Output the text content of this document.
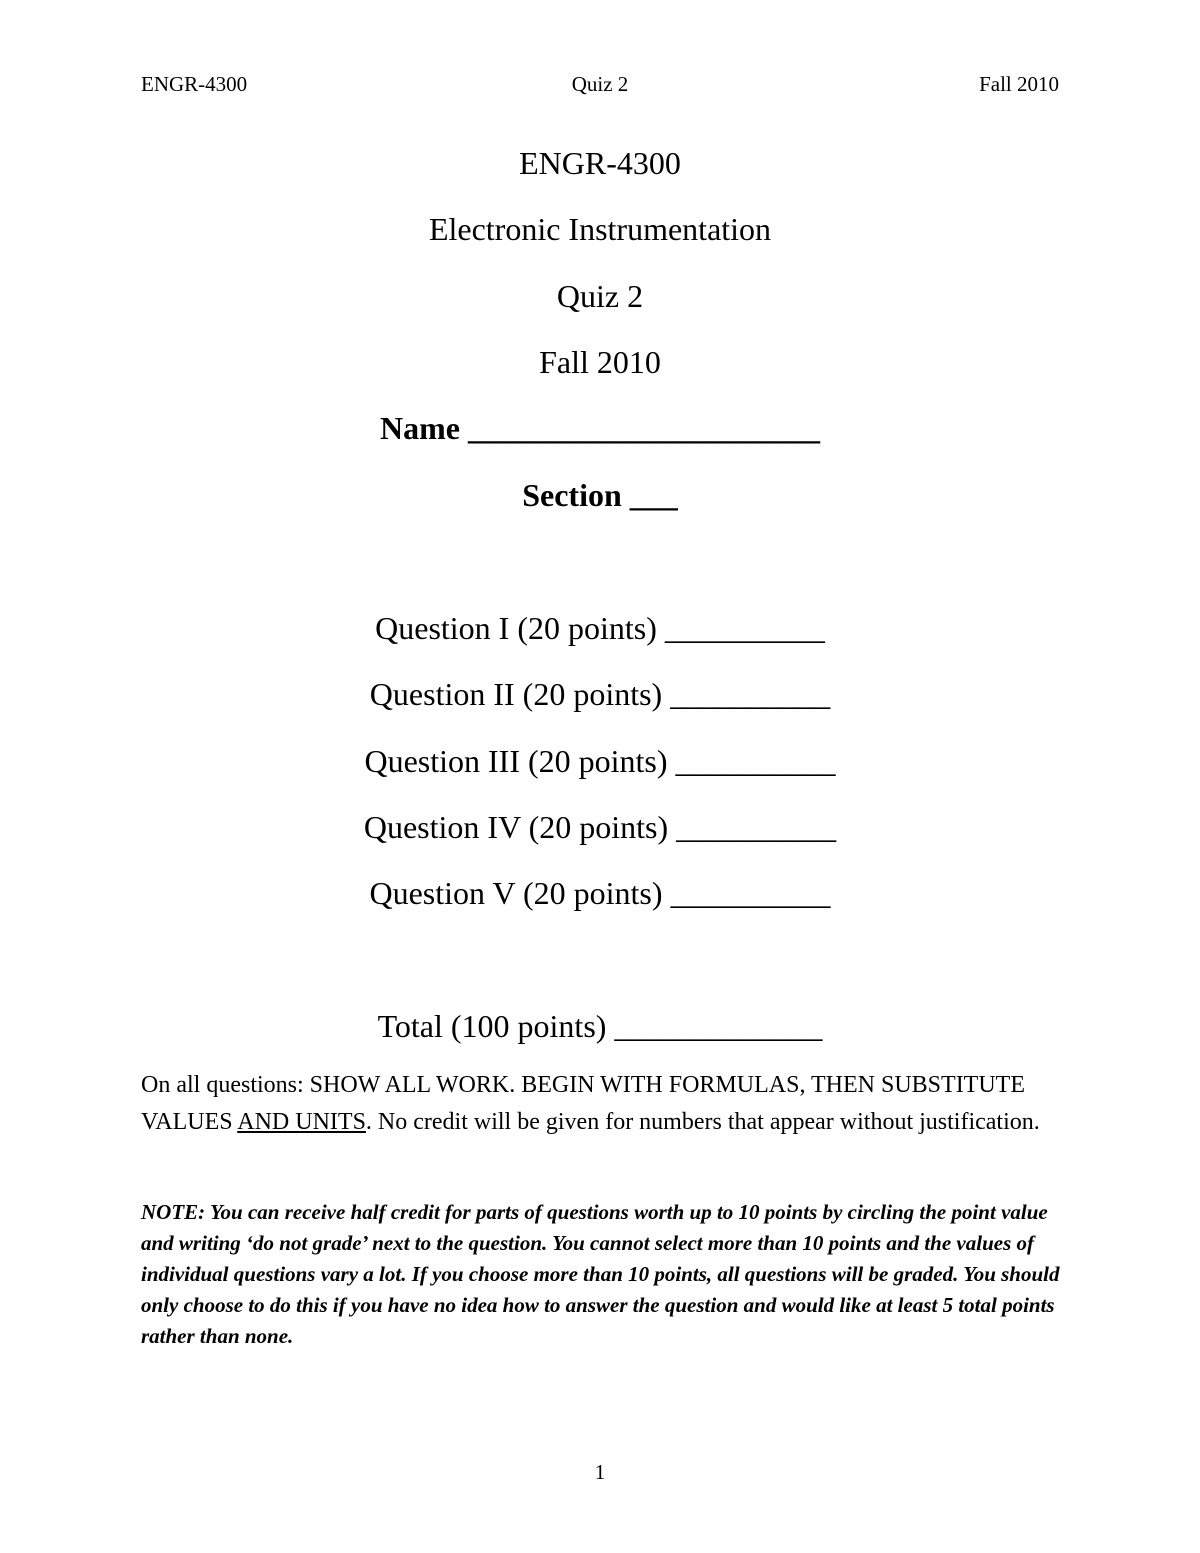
ENGR-4300	Quiz 2	Fall 2010
ENGR-4300
Electronic Instrumentation
Quiz 2
Fall 2010
Name ______________________
Section ___
Question I (20 points) __________
Question II (20 points) __________
Question III (20 points) __________
Question IV (20 points) __________
Question V (20 points) __________
Total (100 points) _____________
On all questions: SHOW ALL WORK. BEGIN WITH FORMULAS, THEN SUBSTITUTE VALUES AND UNITS. No credit will be given for numbers that appear without justification.
NOTE: You can receive half credit for parts of questions worth up to 10 points by circling the point value and writing ‘do not grade’ next to the question. You cannot select more than 10 points and the values of individual questions vary a lot. If you choose more than 10 points, all questions will be graded. You should only choose to do this if you have no idea how to answer the question and would like at least 5 total points rather than none.
1
